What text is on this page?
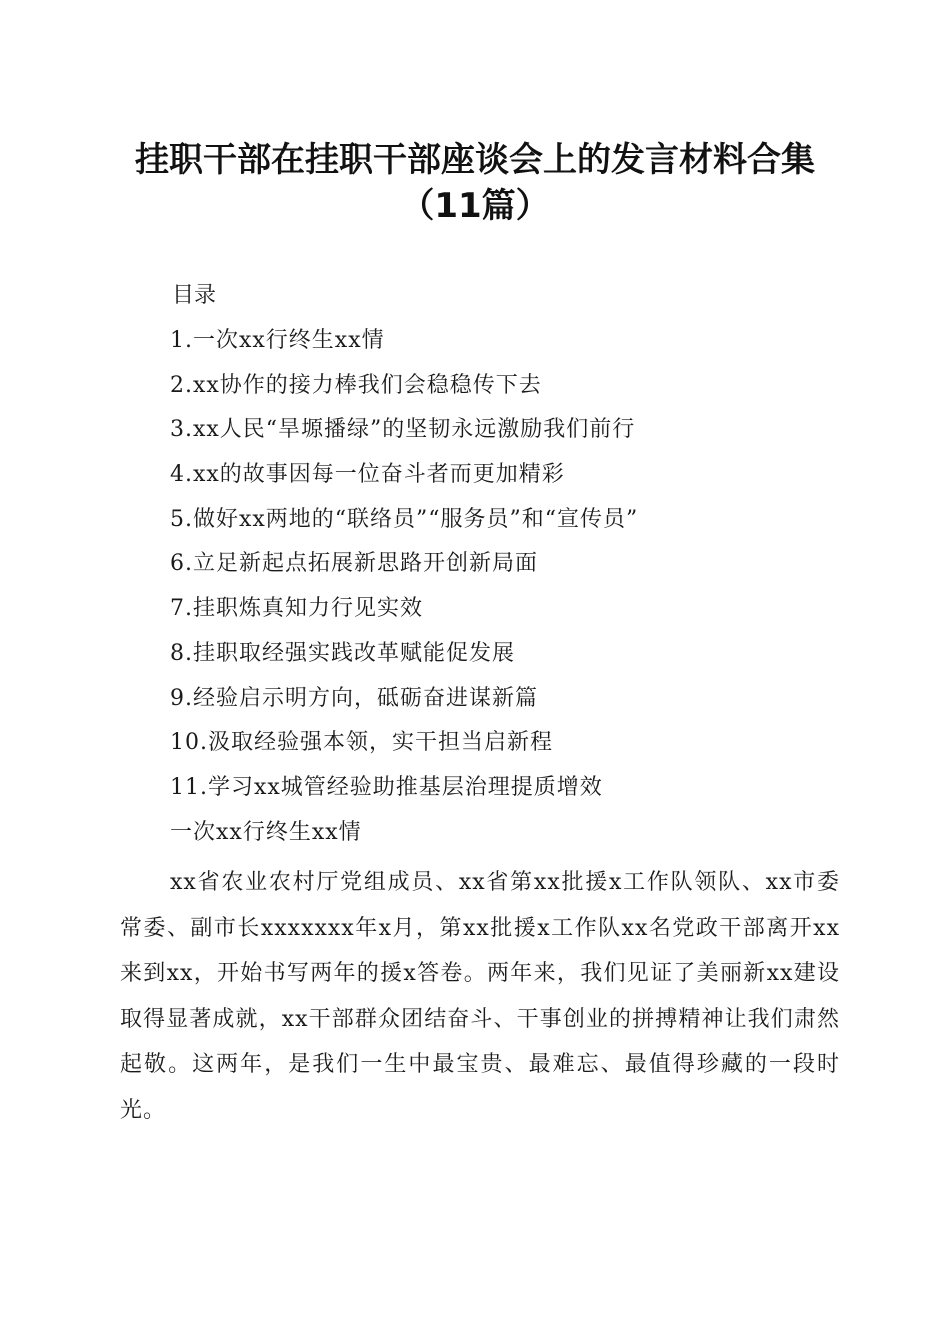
挂职干部在挂职干部座谈会上的发言材料合集
（11篇）
目录
1.一次xx行终生xx情
2.xx协作的接力棒我们会稳稳传下去
3.xx人民“旱塬播绿”的坚韧永远激励我们前行
4.xx的故事因每一位奋斗者而更加精彩
5.做好xx两地的“联络员”“服务员”和“宣传员”
6.立足新起点拓展新思路开创新局面
7.挂职炼真知力行见实效
8.挂职取经强实践改革赋能促发展
9.经验启示明方向，砥砺奋进谋新篇
10.汲取经验强本领，实干担当启新程
11.学习xx城管经验助推基层治理提质增效
一次xx行终生xx情

xx省农业农村厅党组成员、xx省第xx批援x工作队领队、xx市委常委、副市长xxxxxxx年x月，第xx批援x工作队xx名党政干部离开xx来到xx，开始书写两年的援x答卷。两年来，我们见证了美丽新xx建设取得显著成就，xx干部群众团结奋斗、干事创业的拼搏精神让我们肃然起敬。这两年，是我们一生中最宝贵、最难忘、最值得珍藏的一段时光。
